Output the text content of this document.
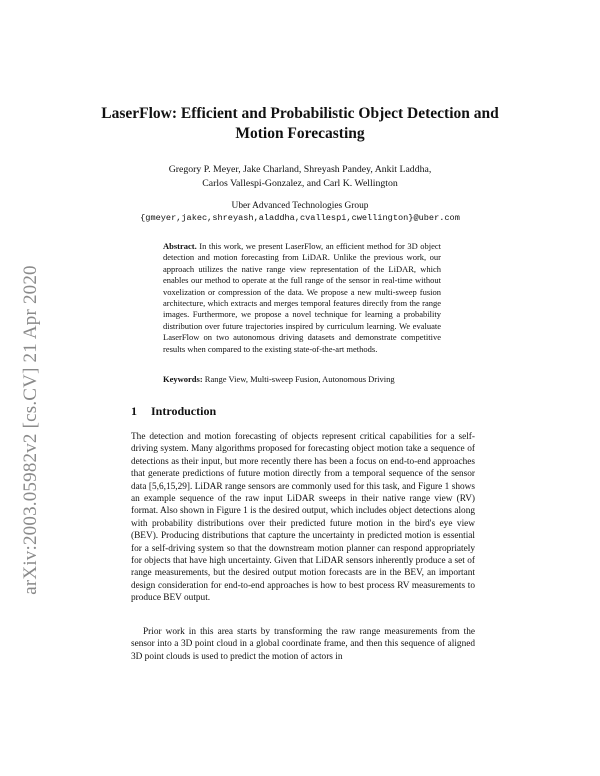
arXiv:2003.05982v2 [cs.CV] 21 Apr 2020
LaserFlow: Efficient and Probabilistic Object Detection and Motion Forecasting
Gregory P. Meyer, Jake Charland, Shreyash Pandey, Ankit Laddha,
Carlos Vallespi-Gonzalez, and Carl K. Wellington
Uber Advanced Technologies Group
{gmeyer,jakec,shreyash,aladdha,cvallespi,cwellington}@uber.com
Abstract. In this work, we present LaserFlow, an efficient method for 3D object detection and motion forecasting from LiDAR. Unlike the previous work, our approach utilizes the native range view representation of the LiDAR, which enables our method to operate at the full range of the sensor in real-time without voxelization or compression of the data. We propose a new multi-sweep fusion architecture, which extracts and merges temporal features directly from the range images. Furthermore, we propose a novel technique for learning a probability distribution over future trajectories inspired by curriculum learning. We evaluate LaserFlow on two autonomous driving datasets and demonstrate competitive results when compared to the existing state-of-the-art methods.
Keywords: Range View, Multi-sweep Fusion, Autonomous Driving
1 Introduction
The detection and motion forecasting of objects represent critical capabilities for a self-driving system. Many algorithms proposed for forecasting object motion take a sequence of detections as their input, but more recently there has been a focus on end-to-end approaches that generate predictions of future motion directly from a temporal sequence of the sensor data [5,6,15,29]. LiDAR range sensors are commonly used for this task, and Figure 1 shows an example sequence of the raw input LiDAR sweeps in their native range view (RV) format. Also shown in Figure 1 is the desired output, which includes object detections along with probability distributions over their predicted future motion in the bird's eye view (BEV). Producing distributions that capture the uncertainty in predicted motion is essential for a self-driving system so that the downstream motion planner can respond appropriately for objects that have high uncertainty. Given that LiDAR sensors inherently produce a set of range measurements, but the desired output motion forecasts are in the BEV, an important design consideration for end-to-end approaches is how to best process RV measurements to produce BEV output.
Prior work in this area starts by transforming the raw range measurements from the sensor into a 3D point cloud in a global coordinate frame, and then this sequence of aligned 3D point clouds is used to predict the motion of actors in
